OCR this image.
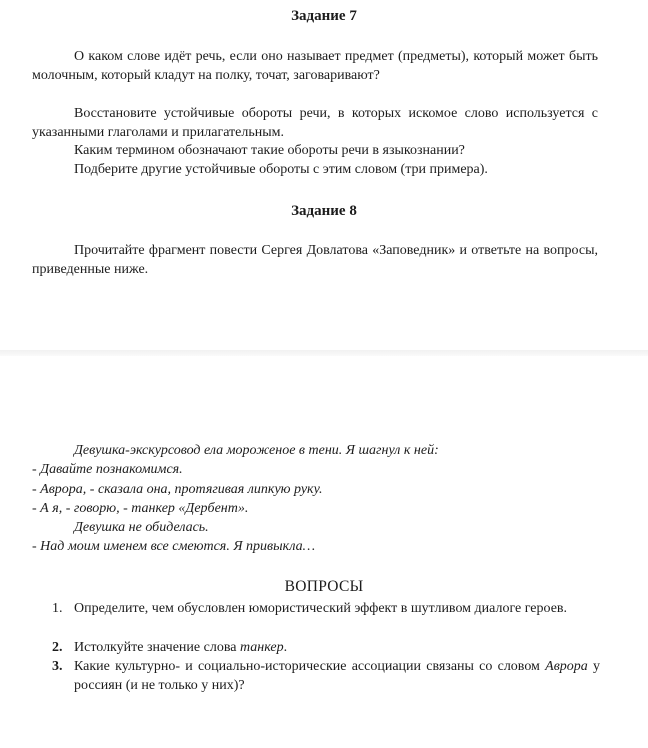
Задание 7
О каком слове идёт речь, если оно называет предмет (предметы), который может быть молочным, который кладут на полку, точат, заговаривают?
Восстановите устойчивые обороты речи, в которых искомое слово используется с указанными глаголами и прилагательным.
Каким термином обозначают такие обороты речи в языкознании?
Подберите другие устойчивые обороты с этим словом (три примера).
Задание 8
Прочитайте фрагмент повести Сергея Довлатова «Заповедник» и ответьте на вопросы, приведенные ниже.
Девушка-экскурсовод ела мороженое в тени. Я шагнул к ней:
- Давайте познакомимся.
- Аврора, - сказала она, протягивая липкую руку.
- А я, - говорю, - танкер «Дербент».
Девушка не обиделась.
- Над моим именем все смеются. Я привыкла…
ВОПРОСЫ
1. Определите, чем обусловлен юмористический эффект в шутливом диалоге героев.
2. Истолкуйте значение слова танкер.
3. Какие культурно- и социально-исторические ассоциации связаны со словом Аврора у россиян (и не только у них)?
